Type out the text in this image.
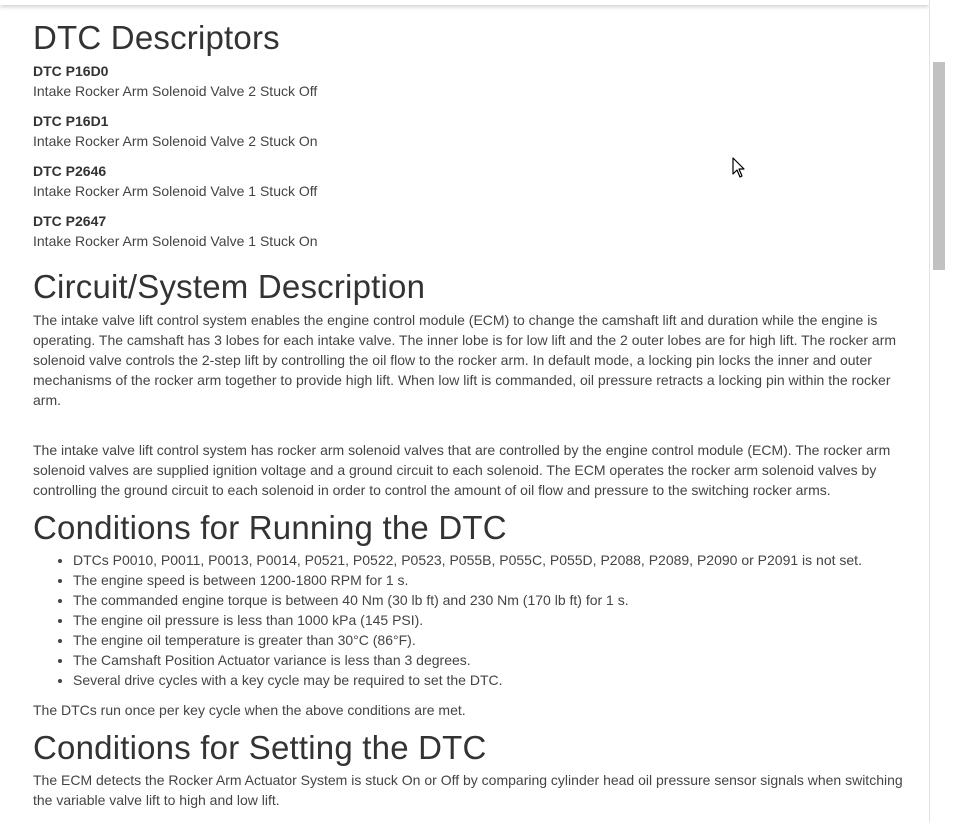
DTC Descriptors
DTC P16D0
Intake Rocker Arm Solenoid Valve 2 Stuck Off
DTC P16D1
Intake Rocker Arm Solenoid Valve 2 Stuck On
DTC P2646
Intake Rocker Arm Solenoid Valve 1 Stuck Off
DTC P2647
Intake Rocker Arm Solenoid Valve 1 Stuck On
Circuit/System Description

The intake valve lift control system enables the engine control module (ECM) to change the camshaft lift and duration while the engine is operating. The camshaft has 3 lobes for each intake valve. The inner lobe is for low lift and the 2 outer lobes are for high lift. The rocker arm solenoid valve controls the 2-step lift by controlling the oil flow to the rocker arm. In default mode, a locking pin locks the inner and outer mechanisms of the rocker arm together to provide high lift. When low lift is commanded, oil pressure retracts a locking pin within the rocker arm.

The intake valve lift control system has rocker arm solenoid valves that are controlled by the engine control module (ECM). The rocker arm solenoid valves are supplied ignition voltage and a ground circuit to each solenoid. The ECM operates the rocker arm solenoid valves by controlling the ground circuit to each solenoid in order to control the amount of oil flow and pressure to the switching rocker arms.

Conditions for Running the DTC
• DTCs P0010, P0011, P0013, P0014, P0521, P0522, P0523, P055B, P055C, P055D, P2088, P2089, P2090 or P2091 is not set.
• The engine speed is between 1200-1800 RPM for 1 s.
• The commanded engine torque is between 40 Nm (30 lb ft) and 230 Nm (170 lb ft) for 1 s.
• The engine oil pressure is less than 1000 kPa (145 PSI).
• The engine oil temperature is greater than 30°C (86°F).
• The Camshaft Position Actuator variance is less than 3 degrees.
• Several drive cycles with a key cycle may be required to set the DTC.

The DTCs run once per key cycle when the above conditions are met.

Conditions for Setting the DTC

The ECM detects the Rocker Arm Actuator System is stuck On or Off by comparing cylinder head oil pressure sensor signals when switching the variable valve lift to high and low lift.
